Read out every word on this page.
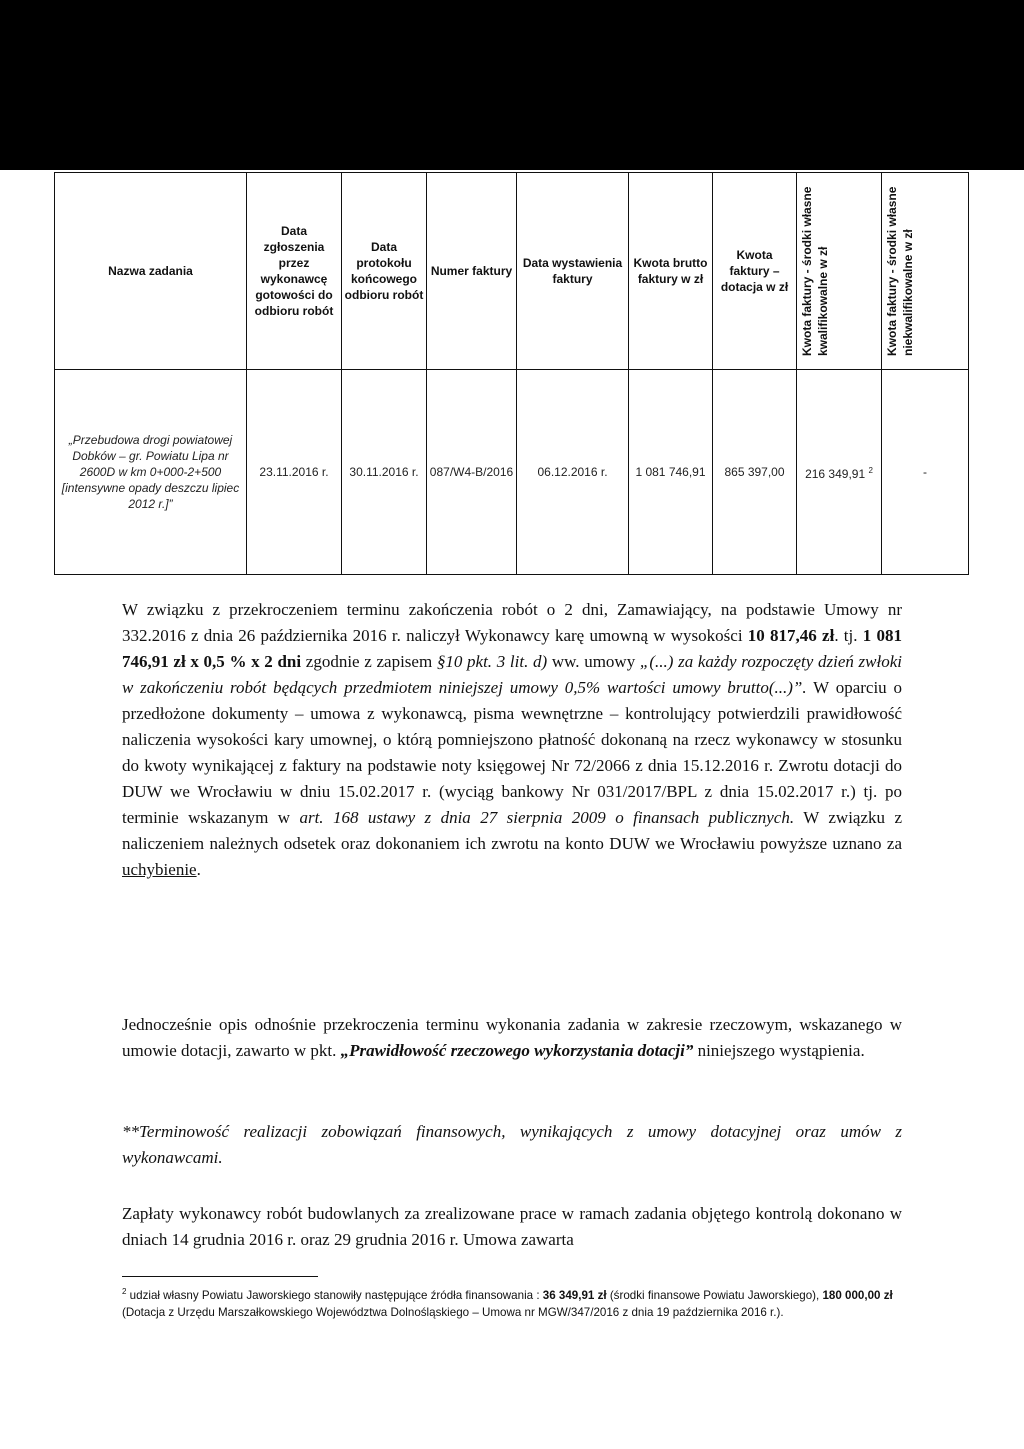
Nazwa zadania	Data zgłoszenia przez wykonawcę gotowości do odbioru robót	Data protokołu końcowego odbioru robót	Numer faktury	Data wystawienia faktury	Kwota brutto faktury w zł	Kwota faktury – dotacja w zł	Kwota faktury - środki własne kwalifikowalne w zł	Kwota faktury - środki własne niekwalifikowalne w zł

„Przebudowa drogi powiatowej Dobków – gr. Powiatu Lipa nr 2600D w km 0+000-2+500 [intensywne opady deszczu lipiec 2012 r.]”	23.11.2016 r.	30.11.2016 r.	087/W4-B/2016	06.12.2016 r.	1 081 746,91	865 397,00	216 349,91 $^2$	-
W związku z przekroczeniem terminu zakończenia robót o 2 dni, Zamawiający, na podstawie Umowy nr 332.2016 z dnia 26 października 2016 r. naliczył Wykonawcy karę umowną w wysokości 10 817,46 zł. tj. 1 081 746,91 zł x 0,5 % x 2 dni zgodnie z zapisem §10 pkt. 3 lit. d) ww. umowy „(...) za każdy rozpoczęty dzień zwłoki w zakończeniu robót będących przedmiotem niniejszej umowy 0,5% wartości umowy brutto(...)”. W oparciu o przedłożone dokumenty – umowa z wykonawcą, pisma wewnętrzne – kontrolujący potwierdzili prawidłowość naliczenia wysokości kary umownej, o którą pomniejszono płatność dokonaną na rzecz wykonawcy w stosunku do kwoty wynikającej z faktury na podstawie noty księgowej Nr 72/2066 z dnia 15.12.2016 r. Zwrotu dotacji do DUW we Wrocławiu w dniu 15.02.2017 r. (wyciąg bankowy Nr 031/2017/BPL z dnia 15.02.2017 r.) tj. po terminie wskazanym w art. 168 ustawy z dnia 27 sierpnia 2009 o finansach publicznych. W związku z naliczeniem należnych odsetek oraz dokonaniem ich zwrotu na konto DUW we Wrocławiu powyższe uznano za uchybienie.
Jednocześnie opis odnośnie przekroczenia terminu wykonania zadania w zakresie rzeczowym, wskazanego w umowie dotacji, zawarto w pkt. „Prawidłowość rzeczowego wykorzystania dotacji” niniejszego wystąpienia.
**Terminowość realizacji zobowiązań finansowych, wynikających z umowy dotacyjnej oraz umów z wykonawcami.
Zapłaty wykonawcy robót budowlanych za zrealizowane prace w ramach zadania objętego kontrolą dokonano w dniach 14 grudnia 2016 r. oraz 29 grudnia 2016 r. Umowa zawarta
$^2$ udział własny Powiatu Jaworskiego stanowiły następujące źródła finansowania : 36 349,91 zł (środki finansowe Powiatu Jaworskiego), 180 000,00 zł (Dotacja z Urzędu Marszałkowskiego Województwa Dolnośląskiego – Umowa nr MGW/347/2016 z dnia 19 października 2016 r.).
